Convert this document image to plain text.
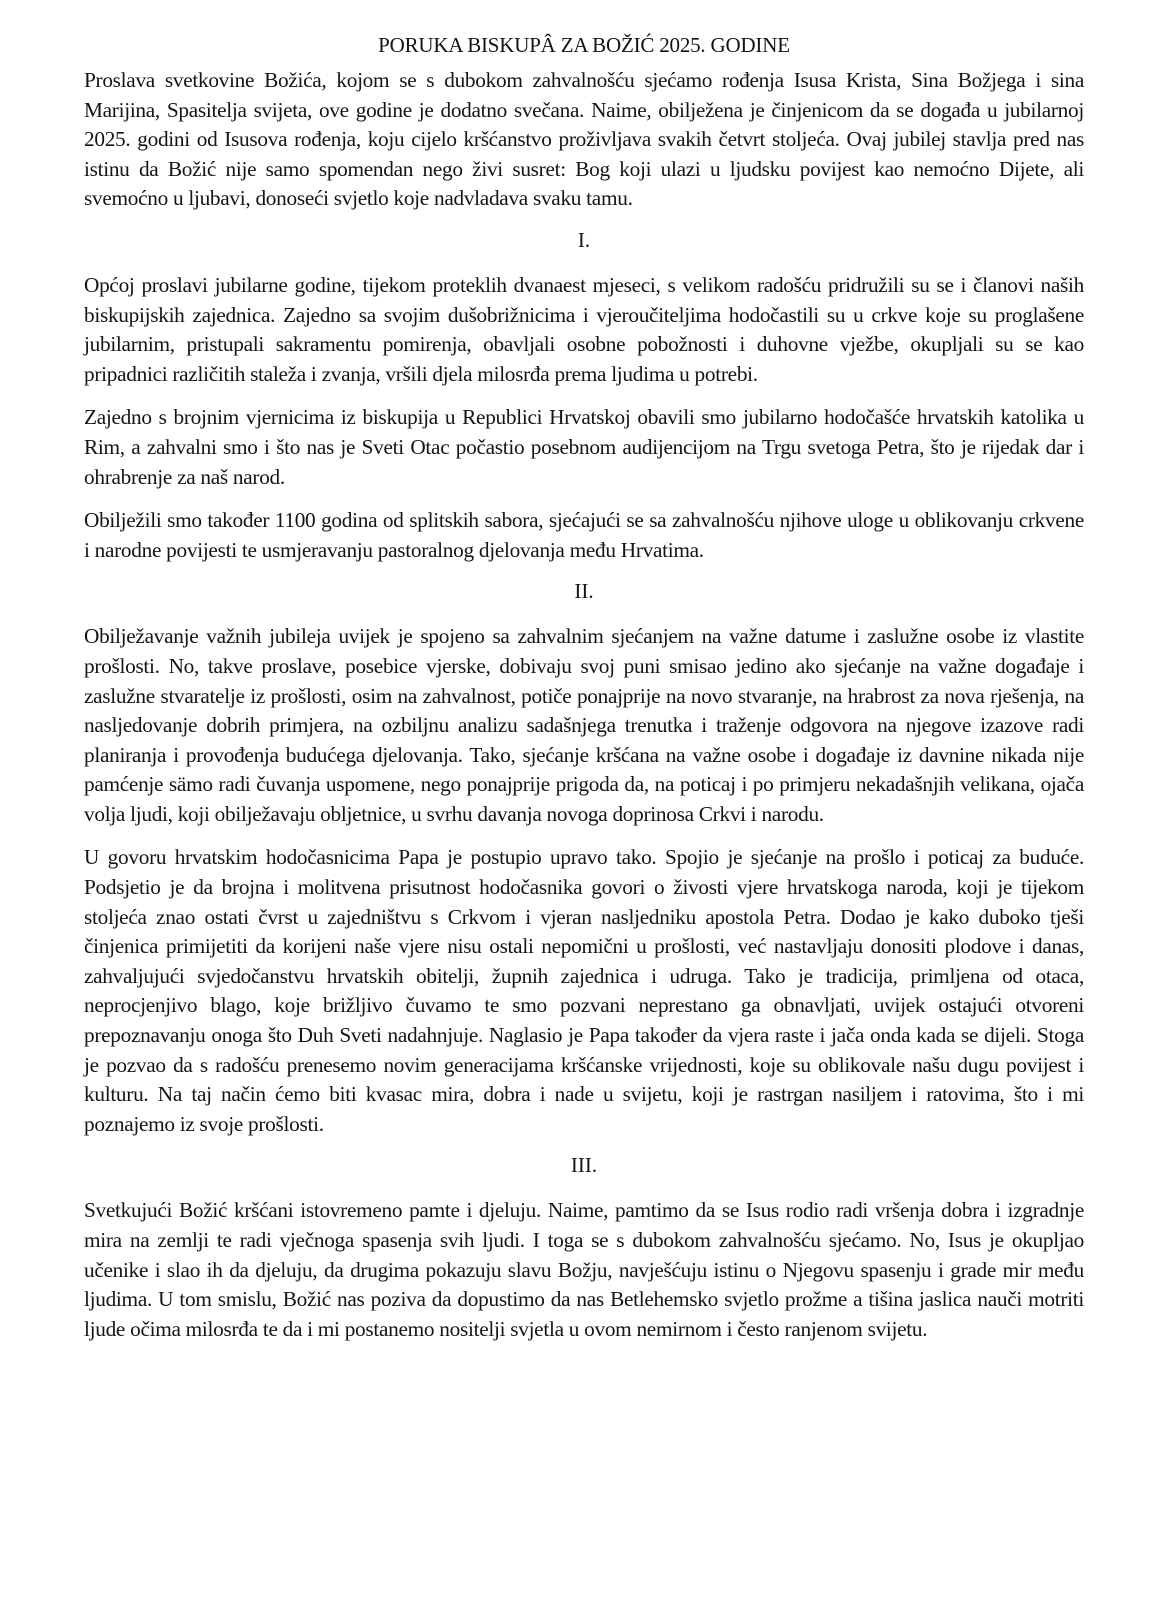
PORUKA BISKUPÂ ZA BOŽIĆ 2025. GODINE

Proslava svetkovine Božića, kojom se s dubokom zahvalnošću sjećamo rođenja Isusa Krista, Sina Božjega i sina Marijina, Spasitelja svijeta, ove godine je dodatno svečana. Naime, obilježena je činjenicom da se događa u jubilarnoj 2025. godini od Isusova rođenja, koju cijelo kršćanstvo proživljava svakih četvrt stoljeća. Ovaj jubilej stavlja pred nas istinu da Božić nije samo spomendan nego živi susret: Bog koji ulazi u ljudsku povijest kao nemoćno Dijete, ali svemoćno u ljubavi, donoseći svjetlo koje nadvladava svaku tamu.

I.

Općoj proslavi jubilarne godine, tijekom proteklih dvanaest mjeseci, s velikom radošću pridružili su se i članovi naših biskupijskih zajednica. Zajedno sa svojim dušobrižnicima i vjeroučiteljima hodočastili su u crkve koje su proglašene jubilarnim, pristupali sakramentu pomirenja, obavljali osobne pobožnosti i duhovne vježbe, okupljali su se kao pripadnici različitih staleža i zvanja, vršili djela milosrđa prema ljudima u potrebi.

Zajedno s brojnim vjernicima iz biskupija u Republici Hrvatskoj obavili smo jubilarno hodočašće hrvatskih katolika u Rim, a zahvalni smo i što nas je Sveti Otac počastio posebnom audijencijom na Trgu svetoga Petra, što je rijedak dar i ohrabrenje za naš narod.

Obilježili smo također 1100 godina od splitskih sabora, sjećajući se sa zahvalnošću njihove uloge u oblikovanju crkvene i narodne povijesti te usmjeravanju pastoralnog djelovanja među Hrvatima.

II.

Obilježavanje važnih jubileja uvijek je spojeno sa zahvalnim sjećanjem na važne datume i zaslužne osobe iz vlastite prošlosti. No, takve proslave, posebice vjerske, dobivaju svoj puni smisao jedino ako sjećanje na važne događaje i zaslužne stvaratelje iz prošlosti, osim na zahvalnost, potiče ponajprije na novo stvaranje, na hrabrost za nova rješenja, na nasljedovanje dobrih primjera, na ozbiljnu analizu sadašnjega trenutka i traženje odgovora na njegove izazove radi planiranja i provođenja budućega djelovanja. Tako, sjećanje kršćana na važne osobe i događaje iz davnine nikada nije pamćenje sämo radi čuvanja uspomene, nego ponajprije prigoda da, na poticaj i po primjeru nekadašnjih velikana, ojača volja ljudi, koji obilježavaju obljetnice, u svrhu davanja novoga doprinosa Crkvi i narodu.

U govoru hrvatskim hodočasnicima Papa je postupio upravo tako. Spojio je sjećanje na prošlo i poticaj za buduće. Podsjetio je da brojna i molitvena prisutnost hodočasnika govori o živosti vjere hrvatskoga naroda, koji je tijekom stoljeća znao ostati čvrst u zajedništvu s Crkvom i vjeran nasljedniku apostola Petra. Dodao je kako duboko tješi činjenica primijetiti da korijeni naše vjere nisu ostali nepomični u prošlosti, već nastavljaju donositi plodove i danas, zahvaljujući svjedočanstvu hrvatskih obitelji, župnih zajednica i udruga. Tako je tradicija, primljena od otaca, neprocjenjivo blago, koje brižljivo čuvamo te smo pozvani neprestano ga obnavljati, uvijek ostajući otvoreni prepoznavanju onoga što Duh Sveti nadahnjuje. Naglasio je Papa također da vjera raste i jača onda kada se dijeli. Stoga je pozvao da s radošću prenesemo novim generacijama kršćanske vrijednosti, koje su oblikovale našu dugu povijest i kulturu. Na taj način ćemo biti kvasac mira, dobra i nade u svijetu, koji je rastrgan nasiljem i ratovima, što i mi poznajemo iz svoje prošlosti.

III.

Svetkujući Božić kršćani istovremeno pamte i djeluju. Naime, pamtimo da se Isus rodio radi vršenja dobra i izgradnje mira na zemlji te radi vječnoga spasenja svih ljudi. I toga se s dubokom zahvalnošću sjećamo. No, Isus je okupljao učenike i slao ih da djeluju, da drugima pokazuju slavu Božju, navješćuju istinu o Njegovu spasenju i grade mir među ljudima. U tom smislu, Božić nas poziva da dopustimo da nas Betlehemsko svjetlo prožme a tišina jaslica nauči motriti ljude očima milosrđa te da i mi postanemo nositelji svjetla u ovom nemirnom i često ranjenom svijetu.
